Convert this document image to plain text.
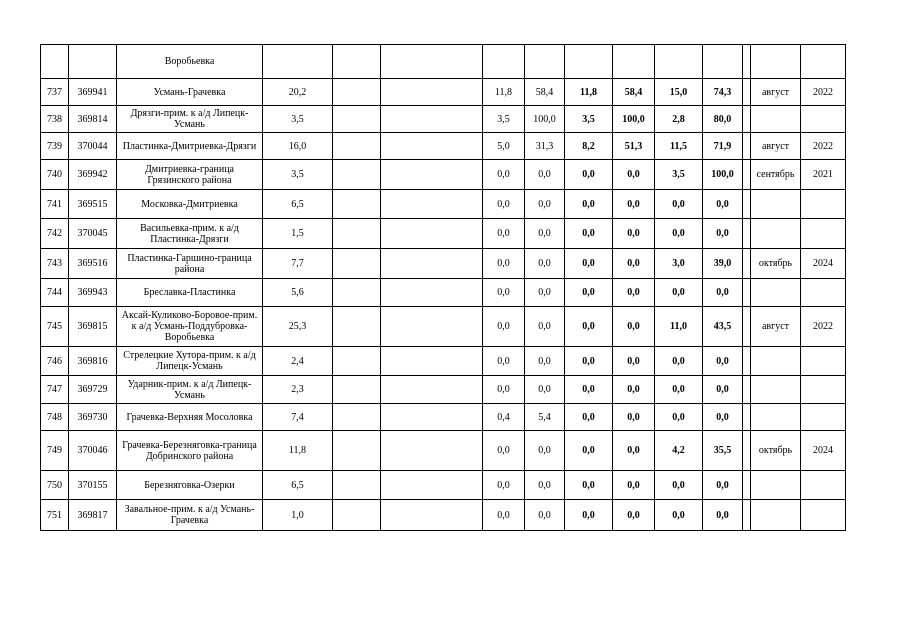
		Воробьевка												
737	369941	Усмань-Грачевка	20,2			11,8	58,4	11,8	58,4	15,0	74,3		август	2022
738	369814	Дрязги-прим. к а/д Липецк-Усмань	3,5			3,5	100,0	3,5	100,0	2,8	80,0			
739	370044	Пластинка-Дмитриевка-Дрязги	16,0			5,0	31,3	8,2	51,3	11,5	71,9		август	2022
740	369942	Дмитриевка-граница Грязинского района	3,5			0,0	0,0	0,0	0,0	3,5	100,0		сентябрь	2021
741	369515	Московка-Дмитриевка	6,5			0,0	0,0	0,0	0,0	0,0	0,0			
742	370045	Васильевка-прим. к а/д Пластинка-Дрязги	1,5			0,0	0,0	0,0	0,0	0,0	0,0			
743	369516	Пластинка-Гаршино-граница района	7,7			0,0	0,0	0,0	0,0	3,0	39,0		октябрь	2024
744	369943	Бреславка-Пластинка	5,6			0,0	0,0	0,0	0,0	0,0	0,0			
745	369815	Аксай-Куликово-Боровое-прим. к а/д Усмань-Поддубровка-Воробьевка	25,3			0,0	0,0	0,0	0,0	11,0	43,5		август	2022
746	369816	Стрелецкие Хутора-прим. к а/д Липецк-Усмань	2,4			0,0	0,0	0,0	0,0	0,0	0,0			
747	369729	Ударник-прим. к а/д Липецк-Усмань	2,3			0,0	0,0	0,0	0,0	0,0	0,0			
748	369730	Грачевка-Верхняя Мосоловка	7,4			0,4	5,4	0,0	0,0	0,0	0,0			
749	370046	Грачевка-Березняговка-граница Добринского района	11,8			0,0	0,0	0,0	0,0	4,2	35,5		октябрь	2024
750	370155	Березняговка-Озерки	6,5			0,0	0,0	0,0	0,0	0,0	0,0			
751	369817	Завальное-прим. к а/д Усмань-Грачевка	1,0			0,0	0,0	0,0	0,0	0,0	0,0			
